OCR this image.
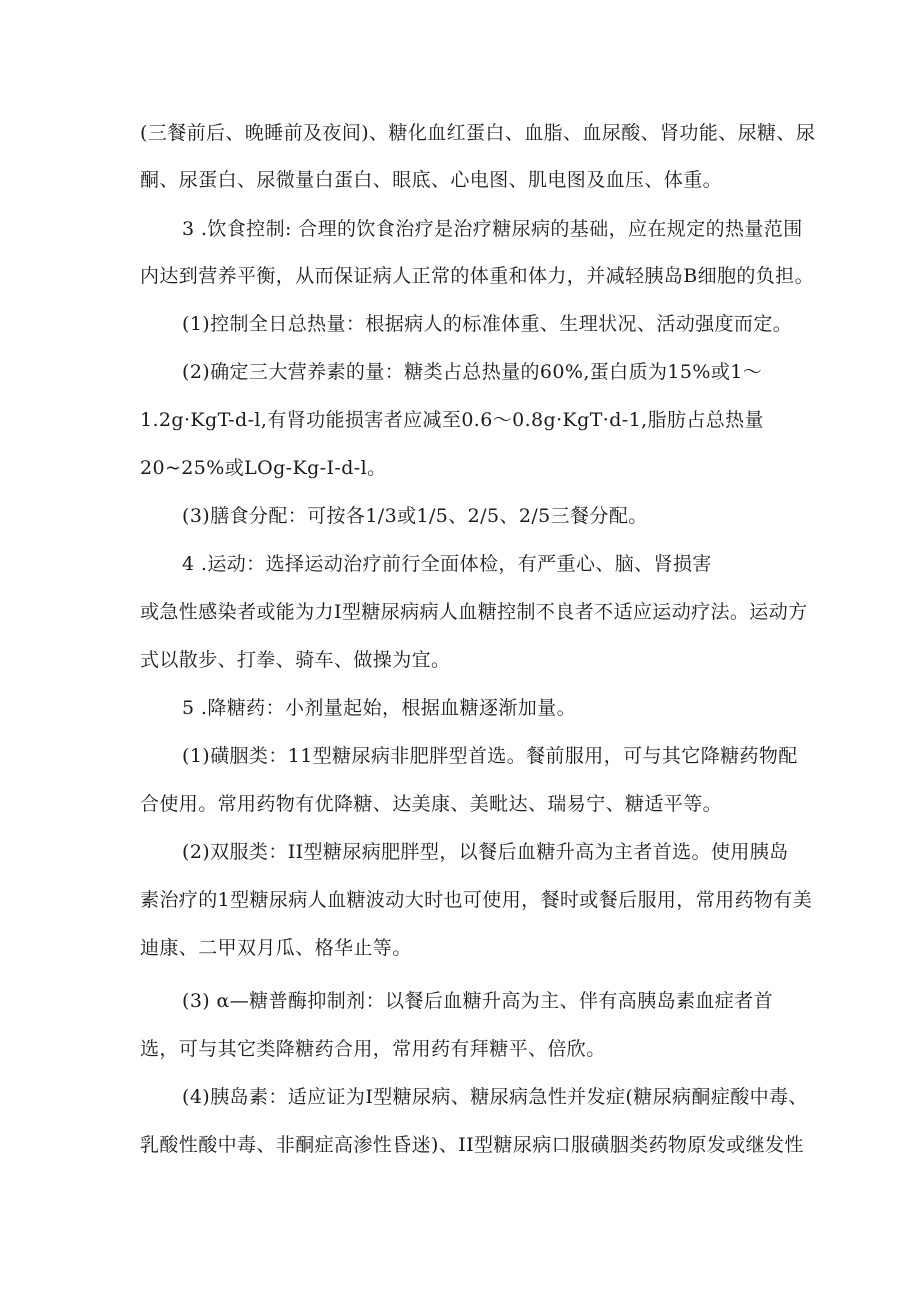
(三餐前后、晚睡前及夜间)、糖化血红蛋白、血脂、血尿酸、肾功能、尿糖、尿
酮、尿蛋白、尿微量白蛋白、眼底、心电图、肌电图及血压、体重。
3 .饮食控制: 合理的饮食治疗是治疗糖尿病的基础，应在规定的热量范围
内达到营养平衡，从而保证病人正常的体重和体力，并减轻胰岛B细胞的负担。
(1)控制全日总热量：根据病人的标准体重、生理状况、活动强度而定。
(2)确定三大营养素的量：糖类占总热量的60%,蛋白质为15%或1〜
1.2g·KgT-d-l,有肾功能损害者应减至0.6〜0.8g·KgT·d-1,脂肪占总热量
20~25%或LOg-Kg-I-d-l。
(3)膳食分配：可按各1/3或1/5、2/5、2/5三餐分配。
4 .运动：选择运动治疗前行全面体检，有严重心、脑、肾损害
或急性感染者或能为力I型糖尿病病人血糖控制不良者不适应运动疗法。运动方
式以散步、打拳、骑车、做操为宜。
5 .降糖药：小剂量起始，根据血糖逐渐加量。
(1)磺胭类：11型糖尿病非肥胖型首选。餐前服用，可与其它降糖药物配
合使用。常用药物有优降糖、达美康、美毗达、瑞易宁、糖适平等。
(2)双服类：II型糖尿病肥胖型，以餐后血糖升高为主者首选。使用胰岛
素治疗的1型糖尿病人血糖波动大时也可使用，餐时或餐后服用，常用药物有美
迪康、二甲双月瓜、格华止等。
(3) α—糖普酶抑制剂：以餐后血糖升高为主、伴有高胰岛素血症者首
选，可与其它类降糖药合用，常用药有拜糖平、倍欣。
(4)胰岛素：适应证为I型糖尿病、糖尿病急性并发症(糖尿病酮症酸中毒、
乳酸性酸中毒、非酮症高渗性昏迷)、II型糖尿病口服磺胭类药物原发或继发性
